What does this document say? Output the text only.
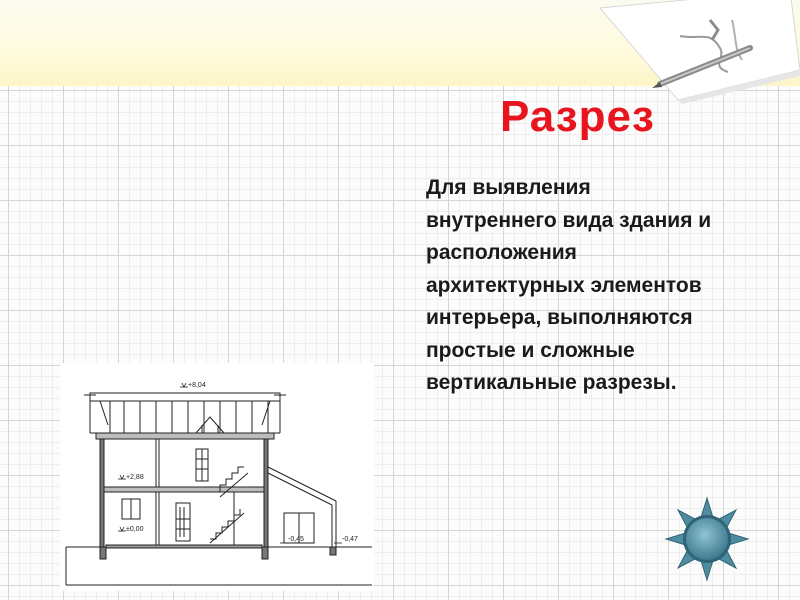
Разрез

Для выявления внутреннего вида здания и расположения архитектурных элементов интерьера, выполняются простые и сложные вертикальные разрезы.

+8,04
+2,88
±0,00
-0,45	-0,47
